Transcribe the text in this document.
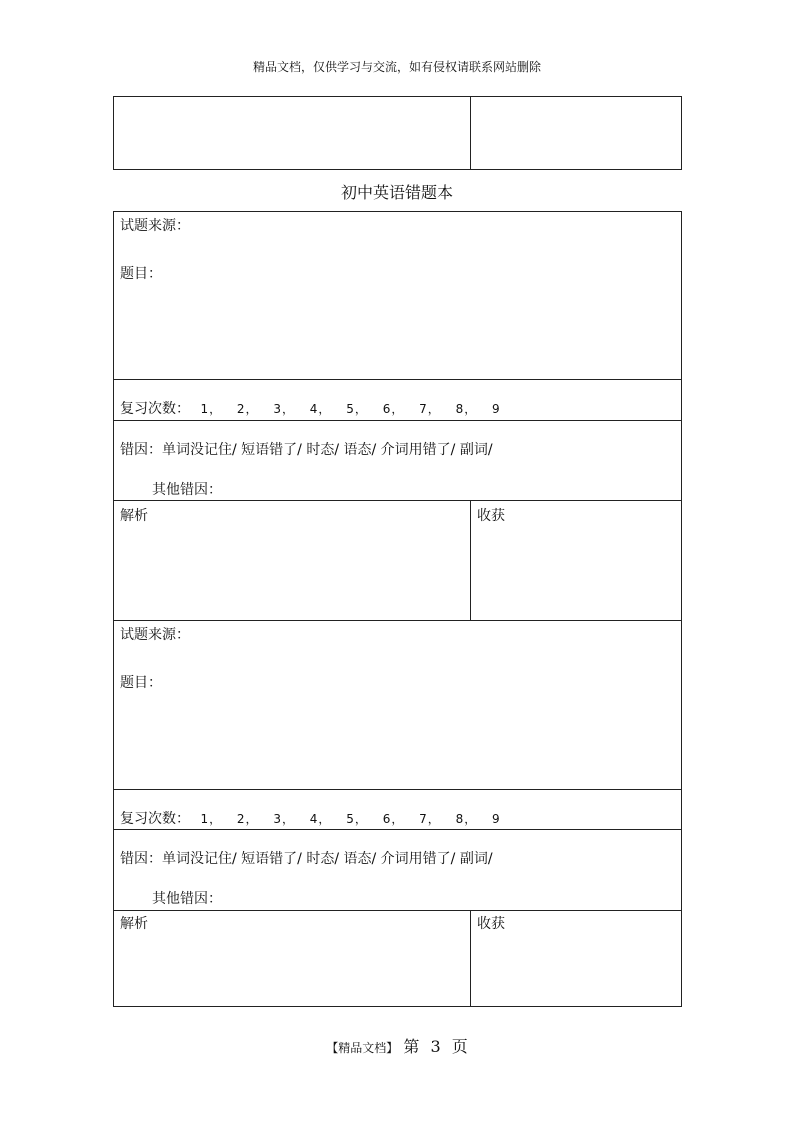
精品文档，仅供学习与交流，如有侵权请联系网站删除
初中英语错题本
试题来源：
题目：
复习次数： 1， 2， 3， 4， 5， 6， 7， 8， 9
错因：单词没记住/ 短语错了/ 时态/ 语态/ 介词用错了/ 副词/
其他错因：
解析	收获
试题来源：
题目：
复习次数： 1， 2， 3， 4， 5， 6， 7， 8， 9
错因：单词没记住/ 短语错了/ 时态/ 语态/ 介词用错了/ 副词/
其他错因：
解析	收获
【精品文档】 第 3 页
